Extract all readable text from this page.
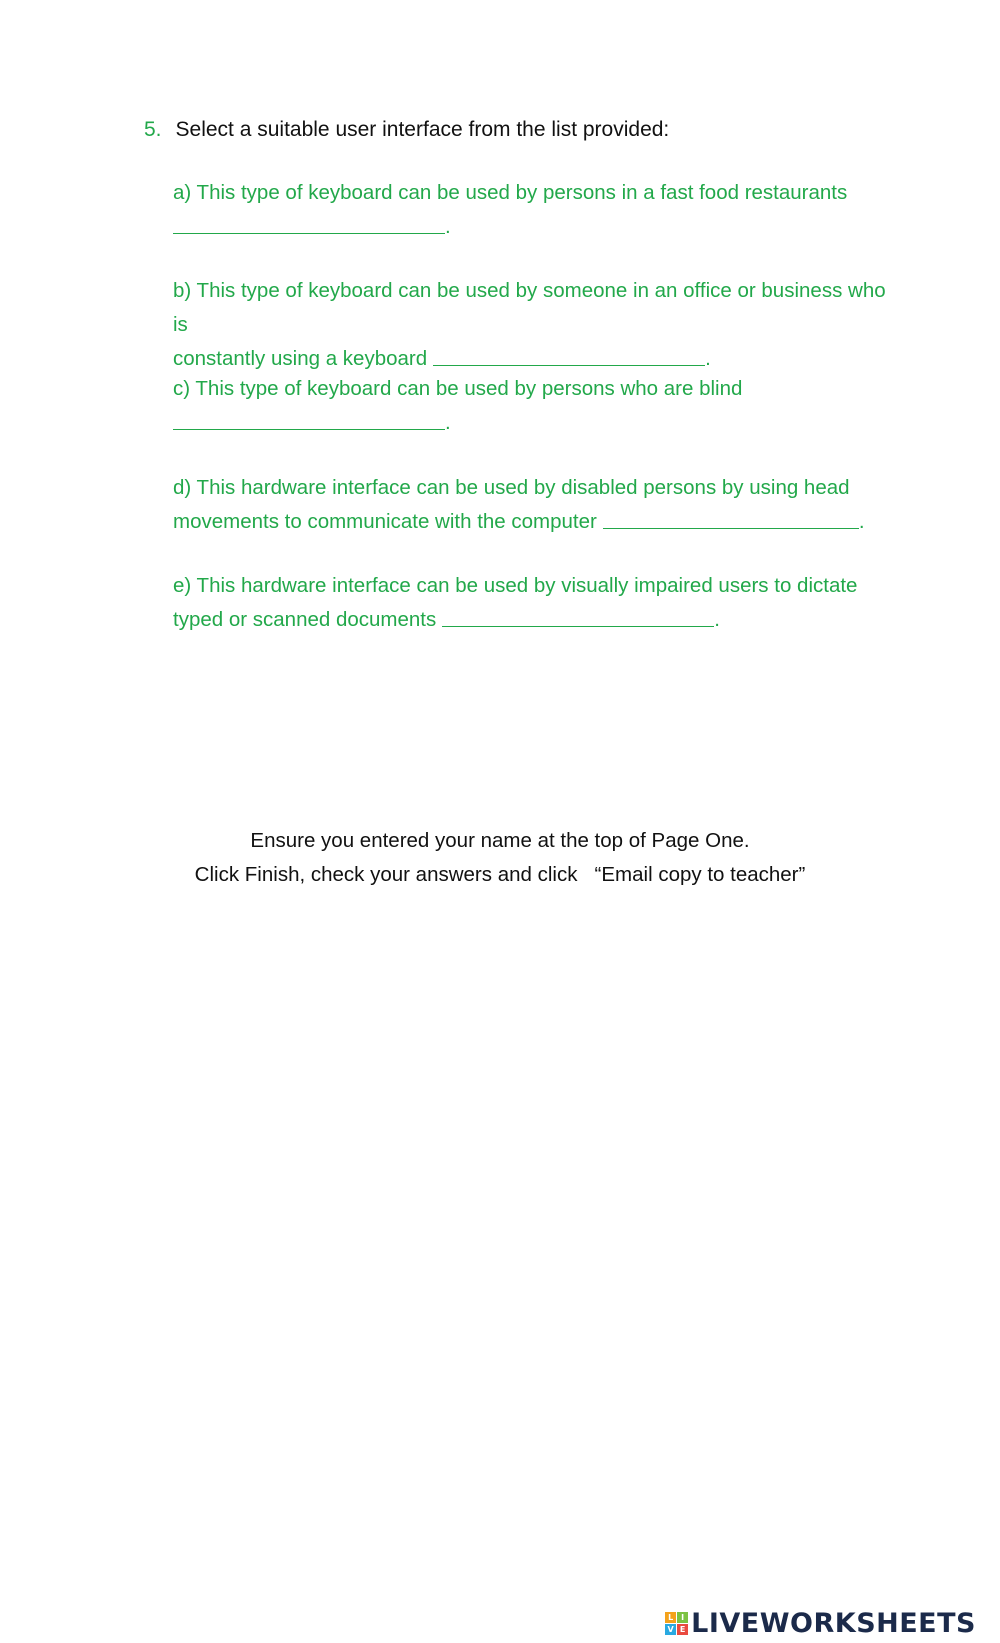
5. Select a suitable user interface from the list provided:
a) This type of keyboard can be used by persons in a fast food restaurants
.
b) This type of keyboard can be used by someone in an office or business who is
constantly using a keyboard	.
c) This type of keyboard can be used by persons who are blind
.
d) This hardware interface can be used by disabled persons by using head
movements to communicate with the computer	.
e) This hardware interface can be used by visually impaired users to dictate
typed or scanned documents	.
Ensure you entered your name at the top of Page One.
Click Finish, check your answers and click   “Email copy to teacher”
L I
V E LIVEWORKSHEETS
